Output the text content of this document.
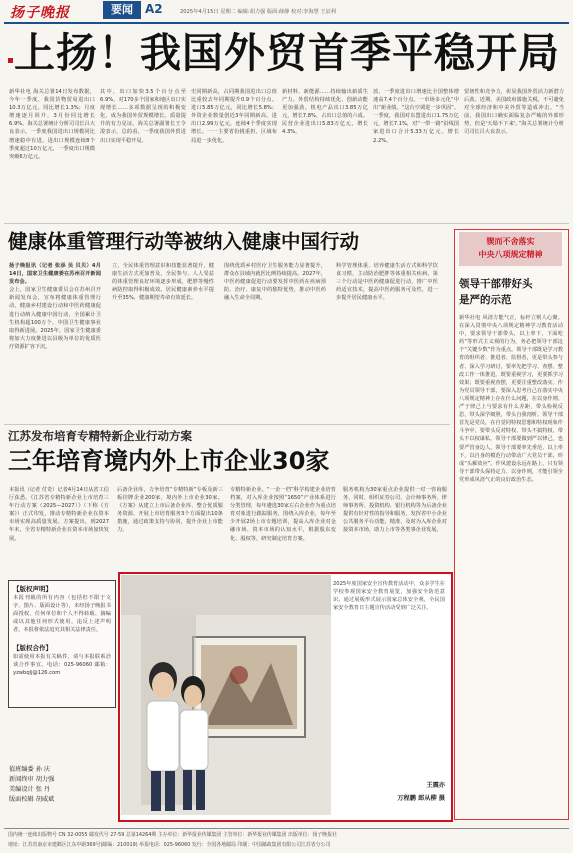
扬子晚报	要闻	A2	2025年4月15日 星期二 编辑:胡力强 版面:薛静 校对:李海慧 王辰利
上扬！我国外贸首季平稳开局
新华社电 海关总署14日发布数据，今年一季度，我国货物贸易进出口10.3万亿元，同比增长1.3%；月度增速逐月回升，3月份同比增长6.9%。海关总署统计分析司司长吕大良表示，一季度我国进出口规模同比增速稳中有进。进出口规模连续8个季度超过10万亿元，一季度出口规模突破6万亿元。
其中，出口加快3.5个百分点至6.9%，对170多个国家和地区出口实现增长……多项数据呈现的积极变化，成为我国外贸规模增长、质量提升的有力见证。海关总署副署长王令浚表示，总的看，一季度我国外贸进出口实现平稳开局。
史同期新高，占同期我国进出口总值比重较去年同期提升0.9个百分点。进口5.85万亿元，同比增长5.8%；外资企业数量创近3年同期新高。进出口2.99万亿元，连续4个季度实现增长。一一主要省份挑重担。区域布局进一步优化。
新材料、新能源……持续输出新质生产力。外贸结构持续优化、创新动能更加强劲。机电产品出口3.85万亿元，增长7.8%，占出口总值的六成。民营企业进出口5.83万亿元，增长4.3%。
放，一季度进出口增速比全国整体增速高7.4个百分点。一市场多元化“中出”新业绩。“这台空调进一步巩固”。一季度，我国对东盟进出口1.75万亿元，增长7.1%，对“一带一路”沿线国家进出口合计5.33万亿元，增长2.2%。
贸韧性和竞争力，彰显我国外贸活力新潜力后劲。近期，美国政府滥施关税，不可避免对全球经济和中美外贸等造成冲击。“当前，我国出口确实面临复杂严峻的外部形势，但是'天塌不下来'。”海关总署统计分析司司长吕大良表示。
健康体重管理行动等被纳入健康中国行动
扬子晚报讯（记者 张添 吴 贝贝）4月14日，国家卫生健康委在苏州召开新闻发布会。
会上，国家卫生健康委员会在苏州召开新闻发布会，宣布将健康体重管理行动、健康乡村建设行动和中医药健康促进行动纳入健康中国行动，全国累计卫生机构超100万个，中国卫生健康事业取得新进展。2025年，国家卫生健康委将加大力度推进以县级为单位的优质医疗资源扩容下沉。
立，全民体重管理意识和技能显著提升，健康生活方式更加普及，全民参与、人人受益的体重管理良好环境逐步形成，肥胖等慢性病防控取得积极成效。居民健康素养水平提升至35%，健康期望寿命有效延长。
围绕优质乡村医疗卫生服务能力显著提升，群众在县域内就医比例持续提高。2027年，中医药健康促进行动要发挥中医药在疾病预防、治疗、康复中的独特优势，推动中医药融入生命全周期。
科学管理体重，培养健康生活方式和科学饮食习惯，主动防治肥胖等体重相关疾病。第三个行动是中医药健康促进行动，推广中医药适宜技术，提高中医药服务可及性，进一步提升居民健康水平。
锲而不舍落实
中央八项规定精神
领导干部带好头
是严的示范
新华社电 风清方能气正，标杆立则人心聚。在深入贯彻中央八项规定精神学习教育活动中，要求领导干部带头，以上率下，下面吃药“等形式主义观的行为，务必把领导干部这个“关键少数”作为重点。领导干部既是学习教育的组织者、推进者、监督者，更是带头参与者、深入学习研讨，要率先把学习、查摆、整改工作一体推进。既要重视学习，更要抓学习效果；既要重视查摆，更要注重整改落实。作为党员领导干部，要深入思考自己在落实中央八项规定精神上存在什么问题，在以身作则、严于律己上与要求有什么差距，带头检视反思，带头深学细照，带头自我剖析。领导干部首先是党员，在自觉同特权思想和特权现象作斗争中，要带头反对特权、带头不搞特权、带头不以权谋私。领导干部要做到严以律己，也要严管身边人。领导干部要率先垂范、以上率下，以自身的模范行动带动广大党员干部，形成“头雁效应”。作风建设永远在路上，只有领导干部带头保持定力、以身作则，才能引领全党形成风清气正的良好政治生态。
江苏发布培育专精特新企业行动方案
三年培育境内外上市企业30家
本报讯（记者 付奇）记者4月14日从省工信厅获悉，《江苏省专精特新企业上市培育三年行动方案（2025—2027）》（下称《方案》）正式印发，推动专精特新企业在资本市场实现高质量发展。方案提出，到2027年末，全省专精特新企业在资本市场加快发展。
后备企业库，力争培育“专精特新”专板及新三板挂牌企业200家，境内外上市企业30家。《方案》从建立上市后备企业库、整合优质服务资源、开展上市培育服务3个方面提出10条措施，通过政策支持与协同，提升企业上市能力。
专精特新企业。“一企一档”科学构建企业培育档案，对入库企业按照“1650”产业体系进行分类管理，每年遴选30家左右企业作为重点培育对象进行跟踪服务，围绕入库企业，每年至少开展2场上市专题培训，提高入库企业对金融市场、资本市场的认知水平，根据股东变化、股权等，研究制定培育方案。
服务机构为30家重点企业提供一对一咨询服务，同时，组织证券公司、会计师事务所、律师事务所、投资机构、银行机构等为后备企业提供有针对性的指导和服务，发挥省中小企业公共服务平台功能，精准、及时为入库企业对接资本市场，助力上市等各类事企业发展。
【版权声明】
本报刊载的所有内容（包括但不限于文字、图片、版面设计等），未经扬子晚报书面授权，任何单位和个人不得转载、摘编或以其他任何形式使用。违反上述声明者，本报将依法追究其相关法律责任。
【版权合作】
如需使用本报有关稿件，请与本报联系洽谈合作事宜。电话：025-96060 邮箱：yzwbqlj@126.com
值班编委 孙 庆
新闻终审 胡力强
美编设计 张 丹
版面校辑 胡威斌
2025年度国家安全宣传教育活动中，众多学生在学校参观国家安全教育展览，加强安全防范意识。通过展板形式展示国家总体安全观，全民国家安全教育日主题宣传活动受到广泛关注。
王震亦
万程鹏 郎从柳 摄
国内统一连续出版物号 CN 32-0055 邮发代号 27-59 总第14264期 主办单位：新华报业传媒集团 主管单位：新华报业传媒集团 出版单位：扬子晚报社
地址：江苏省南京市建邺区江东中路369号(邮编：210019) 举报电话：025-96060 发行：全国各地邮局 印刷：中国邮政集团有限公司江苏省分公司
